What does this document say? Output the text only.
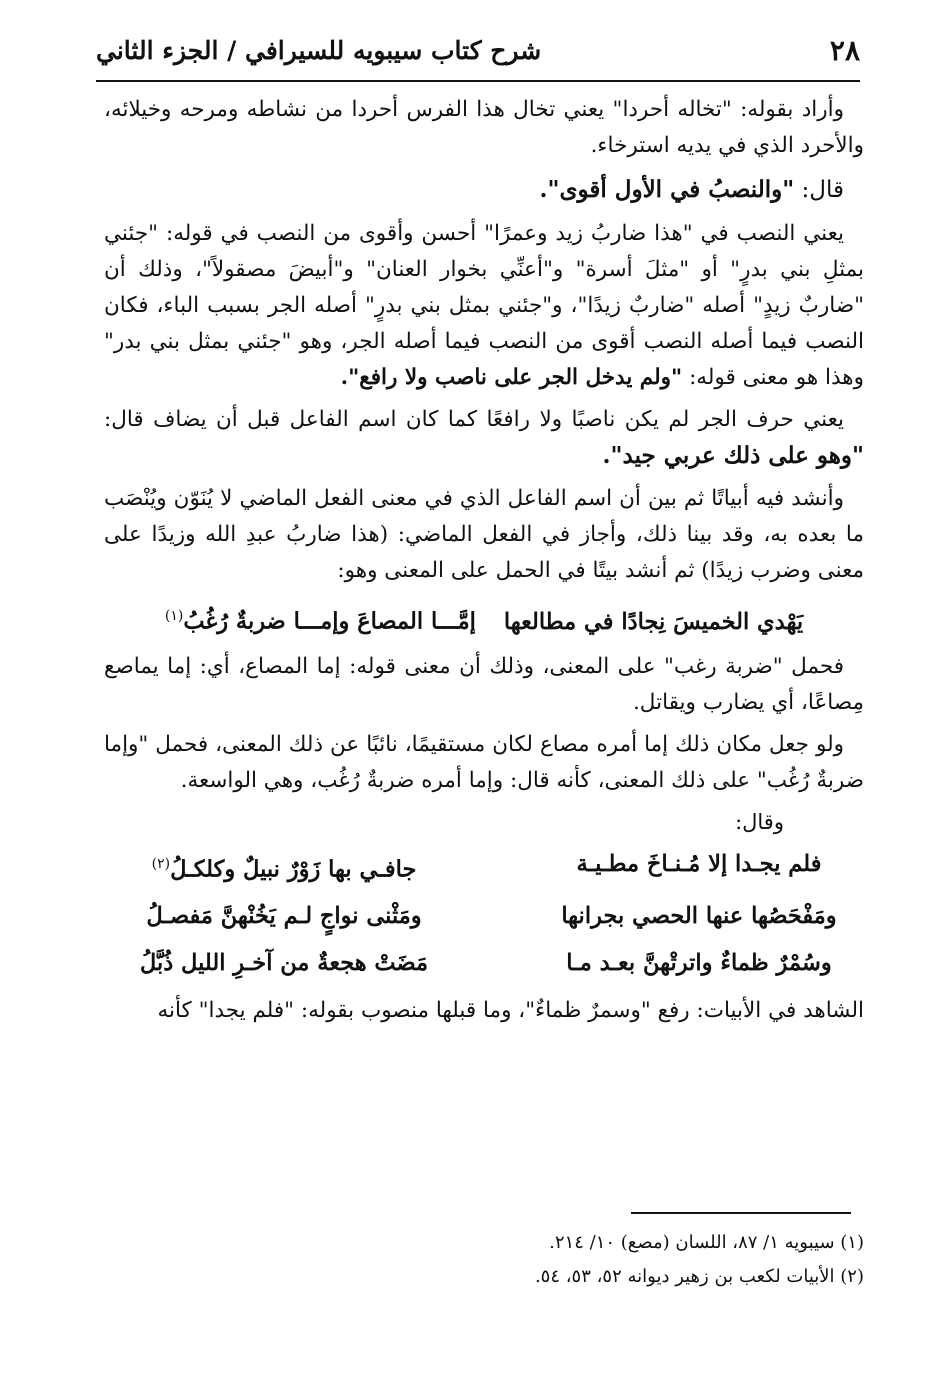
٢٨
شرح كتاب سيبويه للسيرافي / الجزء الثاني

وأراد بقوله: "تخاله أحردا" يعني تخال هذا الفرس أحردا من نشاطه ومرحه وخيلائه، والأحرد الذي في يديه استرخاء.

قال: "والنصبُ في الأول أقوى".

يعني النصب في "هذا ضاربُ زيد وعمرًا" أحسن وأقوى من النصب في قوله: "جئني بمثلِ بني بدرٍ" أو "مثلَ أسرة" و"أعنِّي بخوار العنان" و"أبيضَ مصقولاً"، وذلك أن "ضاربٌ زيدٍ" أصله "ضاربٌ زيدًا"، و"جئني بمثل بني بدرٍ" أصله الجر بسبب الباء، فكان النصب فيما أصله النصب أقوى من النصب فيما أصله الجر، وهو "جئني بمثل بني بدر" وهذا هو معنى قوله: "ولم يدخل الجر على ناصب ولا رافع".

يعني حرف الجر لم يكن ناصبًا ولا رافعًا كما كان اسم الفاعل قبل أن يضاف قال: "وهو على ذلك عربي جيد".

وأنشد فيه أبياتًا ثم بين أن اسم الفاعل الذي في معنى الفعل الماضي لا يُنَوّن ويُنْصَب ما بعده به، وقد بينا ذلك، وأجاز في الفعل الماضي: (هذا ضاربُ عبدِ الله وزيدًا على معنى وضرب زيدًا) ثم أنشد بيتًا في الحمل على المعنى وهو:

يَهْدي الخميسَ نِجادًا في مطالعهاإمَّـــا المصاعَ وإمـــا ضربةٌ رُغُبُ$^{(١)}$

فحمل "ضربة رغب" على المعنى، وذلك أن معنى قوله: إما المصاع، أي: إما يماصع مِصاعًا، أي يضارب ويقاتل.

ولو جعل مكان ذلك إما أمره مصاع لكان مستقيمًا، نائبًا عن ذلك المعنى، فحمل "وإما ضربةٌ رُغُب" على ذلك المعنى، كأنه قال: وإما أمره ضربةٌ رُغُب، وهي الواسعة.

وقال:
فلم يجـدا إلا مُـنـاخَ مطـيـة
جافـي بها زَوْرٌ نبيلٌ وكلكـلُ$^{(٢)}$
ومَفْحَصُها عنها الحصي بجرانها
ومَثْنى نواجٍ لـم يَخُنْهنَّ مَفصـلُ
وسُمْرٌ ظماءٌ واترتْهنَّ بعـد مـا
مَضَتْ هجعةٌ من آخـرِ الليل ذُبَّلُ

الشاهد في الأبيات: رفع "وسمرٌ ظماءٌ"، وما قبلها منصوب بقوله: "فلم يجدا" كأنه

(١) سيبويه ١/ ٨٧، اللسان (مصع) ١٠/ ٢١٤.
(٢) الأبيات لكعب بن زهير ديوانه ٥٢، ٥٣، ٥٤.
